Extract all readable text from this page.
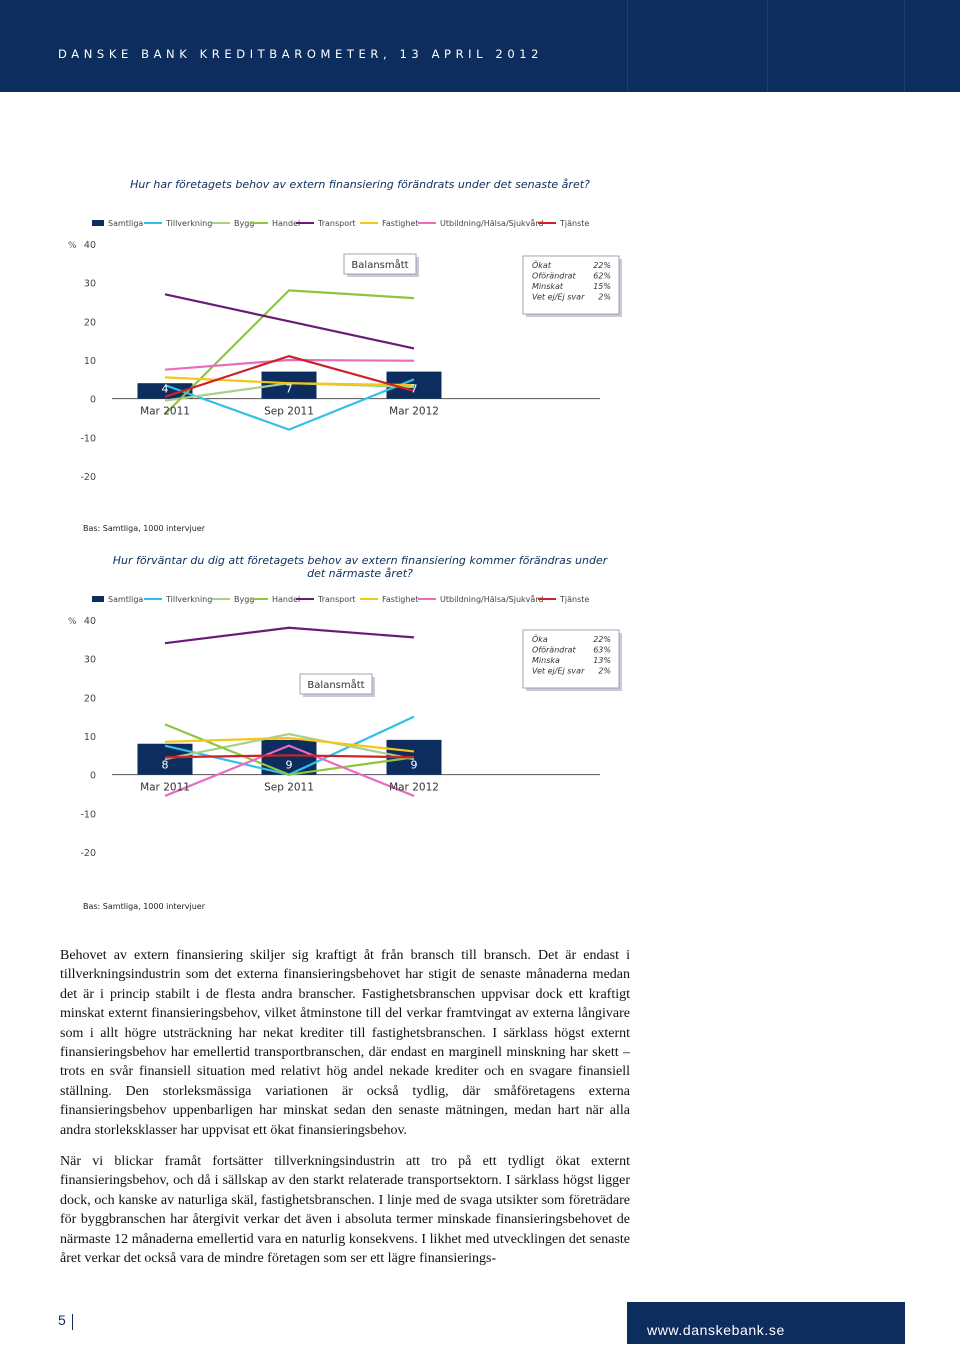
DANSKE BANK KREDITBAROMETER, 13 APRIL 2012
Hur har företagets behov av extern finansiering förändrats under det senaste året?
Samtliga	Tillverkning	Bygg Handel Transport	Fastighet	Utbildning/Hälsa/Sjukvård Tjänste
% 40
30
20
10
0
-10
-20
4	7	7
Mar 2011	Sep 2011	Mar 2012
Balansmått	Ökat	22%
Oförändrat 62%
Minskat	15%
Vet ej/Ej svar 2%
Bas: Samtliga, 1000 intervjuer
Hur förväntar du dig att företagets behov av extern finansiering kommer förändras under det närmaste året?
Samtliga	Tillverkning	Bygg Handel Transport	Fastighet	Utbildning/Hälsa/Sjukvård Tjänste
% 40
30
20
10
0
-10
-20
8	9	9
Mar 2011	Sep 2011	Mar 2012
Balansmått
Öka	22%
Oförändrat 63%
Minska	13%
Vet ej/Ej svar 2%
Bas: Samtliga, 1000 intervjuer

Behovet av extern finansiering skiljer sig kraftigt åt från bransch till bransch. Det är endast i tillverkningsindustrin som det externa finansieringsbehovet har stigit de senaste månaderna medan det är i princip stabilt i de flesta andra branscher. Fastighetsbranschen uppvisar dock ett kraftigt minskat externt finansieringsbehov, vilket åtminstone till del verkar framtvingat av externa långivare som i allt högre utsträckning har nekat krediter till fastighetsbranschen. I särklass högst externt finansieringsbehov har emellertid transportbranschen, där endast en marginell minskning har skett – trots en svår finansiell situation med relativt hög andel nekade krediter och en svagare finansiell ställning. Den storleksmässiga variationen är också tydlig, där småföretagens externa finansieringsbehov uppenbarligen har minskat sedan den senaste mätningen, medan hart när alla andra storleksklasser har uppvisat ett ökat finansieringsbehov.

När vi blickar framåt fortsätter tillverkningsindustrin att tro på ett tydligt ökat externt finansieringsbehov, och då i sällskap av den starkt relaterade transportsektorn. I särklass högst ligger dock, och kanske av naturliga skäl, fastighetsbranschen. I linje med de svaga utsikter som företrädare för byggbranschen har återgivit verkar det även i absoluta termer minskade finansieringsbehovet de närmaste 12 månaderna emellertid vara en naturlig konsekvens. I likhet med utvecklingen det senaste året verkar det också vara de mindre företagen som ser ett lägre finansierings-

5
www.danskebank.se
